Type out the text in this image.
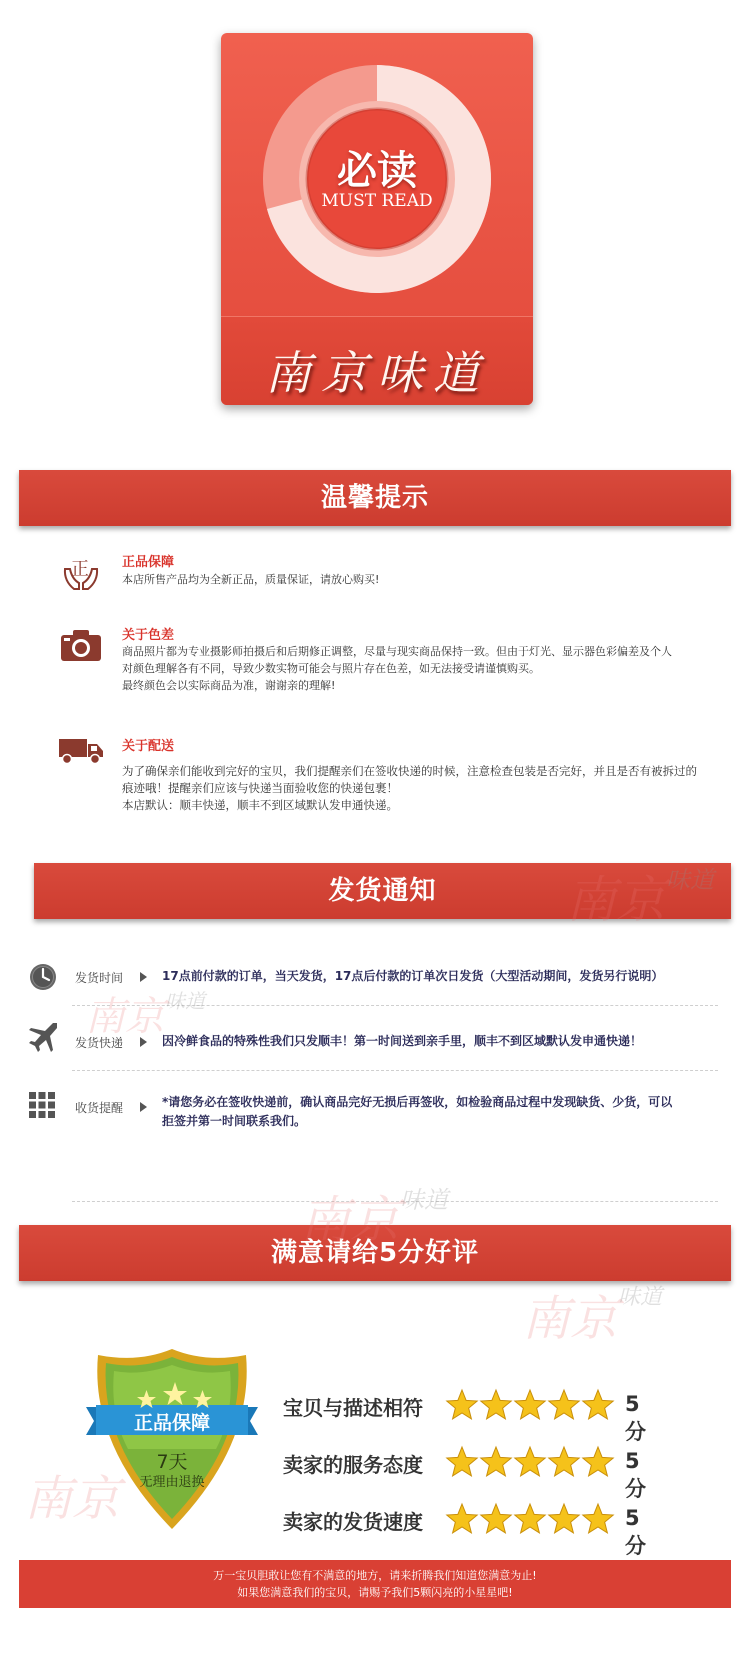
必读
MUST READ
南京味道
温馨提示
正	正品保障

本店所售产品均为全新正品，质量保证，请放心购买!

关于色差

商品照片都为专业摄影师拍摄后和后期修正调整，尽量与现实商品保持一致。但由于灯光、显示器色彩偏差及个人

对颜色理解各有不同，导致少数实物可能会与照片存在色差，如无法接受请谨慎购买。

最终颜色会以实际商品为准，谢谢亲的理解!

关于配送

为了确保亲们能收到完好的宝贝，我们提醒亲们在签收快递的时候，注意检查包装是否完好，并且是否有被拆过的

痕迹哦！提醒亲们应该与快递当面验收您的快递包裹！

本店默认：顺丰快递，顺丰不到区域默认发申通快递。

发货通知
发货时间	17点前付款的订单，当天发货，17点后付款的订单次日发货（大型活动期间，发货另行说明）
发货快递	因冷鲜食品的特殊性我们只发顺丰！第一时间送到亲手里，顺丰不到区域默认发申通快递！
收货提醒	*请您务必在签收快递前，确认商品完好无损后再签收，如检验商品过程中发现缺货、少货，可以
拒签并第一时间联系我们。
满意请给5分好评
正品保障
7天
无理由退换
宝贝与描述相符	5分
卖家的服务态度	5分
卖家的发货速度	5分
万一宝贝胆敢让您有不满意的地方，请来折腾我们知道您满意为止!
如果您满意我们的宝贝，请赐予我们5颗闪亮的小星星吧!
南京$^{味道}$
南京$^{味道}$
南京$^{味道}$
南京$^{味道}$
南京
